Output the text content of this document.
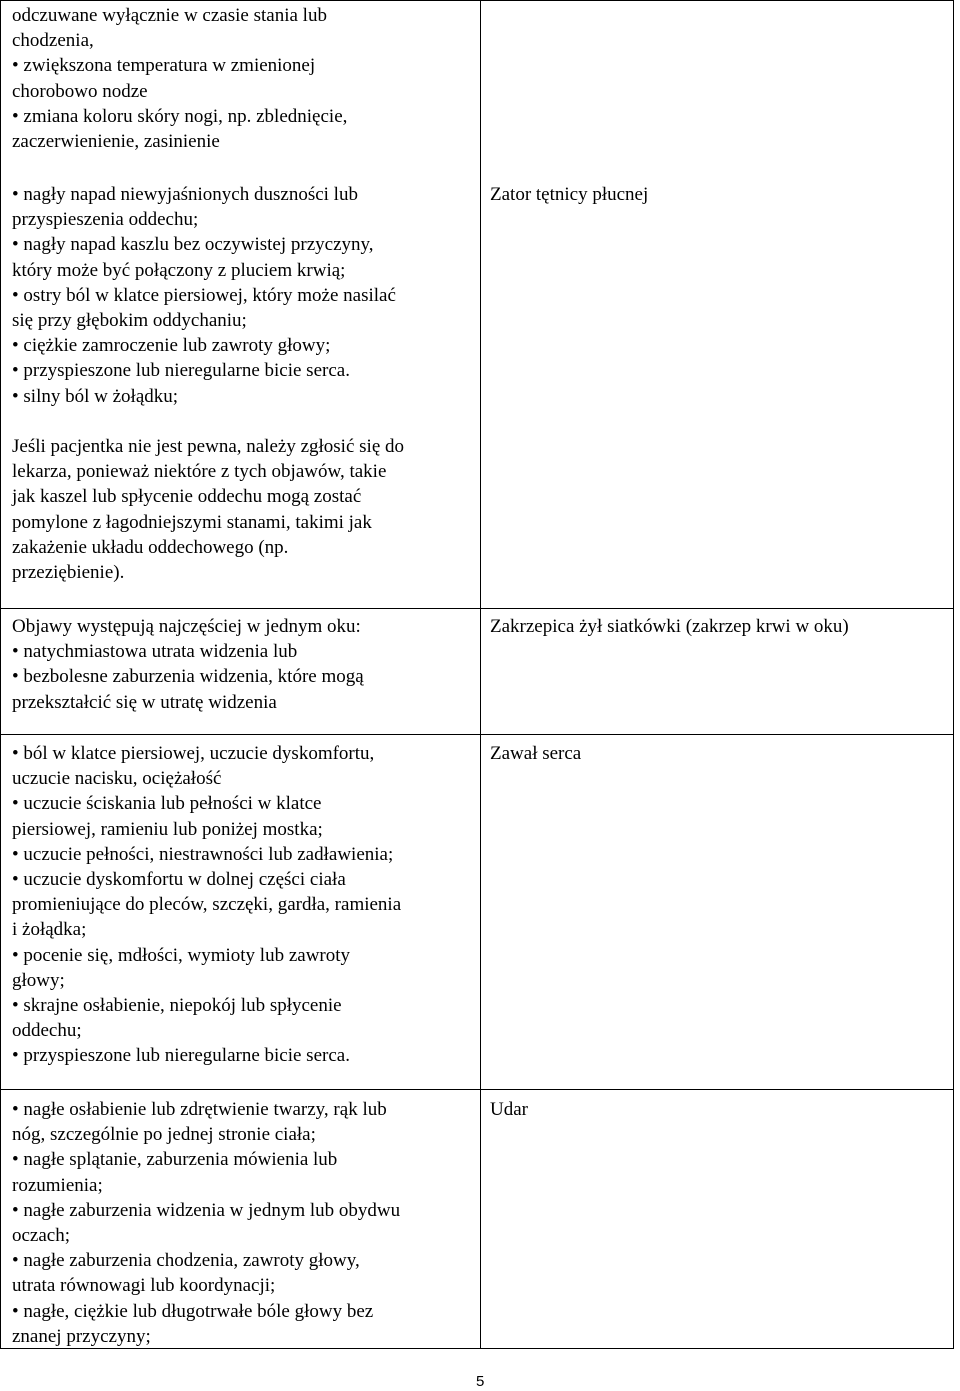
odczuwane wyłącznie w czasie stania lub

chodzenia,

• zwiększona temperatura w zmienionej

chorobowo nodze

• zmiana koloru skóry nogi, np. zblednięcie,

zaczerwienienie, zasinienie

• nagły napad niewyjaśnionych duszności lub

przyspieszenia oddechu;

• nagły napad kaszlu bez oczywistej przyczyny,

który może być połączony z pluciem krwią;

• ostry ból w klatce piersiowej, który może nasilać

się przy głębokim oddychaniu;

• ciężkie zamroczenie lub zawroty głowy;

• przyspieszone lub nieregularne bicie serca.

• silny ból w żołądku;

Jeśli pacjentka nie jest pewna, należy zgłosić się do

lekarza, ponieważ niektóre z tych objawów, takie

jak kaszel lub spłycenie oddechu mogą zostać

pomylone z łagodniejszymi stanami, takimi jak

zakażenie układu oddechowego (np.

przeziębienie).

Zator tętnicy płucnej

Objawy występują najczęściej w jednym oku:

• natychmiastowa utrata widzenia lub

• bezbolesne zaburzenia widzenia, które mogą

przekształcić się w utratę widzenia

Zakrzepica żył siatkówki (zakrzep krwi w oku)

• ból w klatce piersiowej, uczucie dyskomfortu,

uczucie nacisku, ociężałość

• uczucie ściskania lub pełności w klatce

piersiowej, ramieniu lub poniżej mostka;

• uczucie pełności, niestrawności lub zadławienia;

• uczucie dyskomfortu w dolnej części ciała

promieniujące do pleców, szczęki, gardła, ramienia

i żołądka;

• pocenie się, mdłości, wymioty lub zawroty

głowy;

• skrajne osłabienie, niepokój lub spłycenie

oddechu;

• przyspieszone lub nieregularne bicie serca.

Zawał serca

• nagłe osłabienie lub zdrętwienie twarzy, rąk lub

nóg, szczególnie po jednej stronie ciała;

• nagłe splątanie, zaburzenia mówienia lub

rozumienia;

• nagłe zaburzenia widzenia w jednym lub obydwu

oczach;

• nagłe zaburzenia chodzenia, zawroty głowy,

utrata równowagi lub koordynacji;

• nagłe, ciężkie lub długotrwałe bóle głowy bez

znanej przyczyny;

Udar
5
